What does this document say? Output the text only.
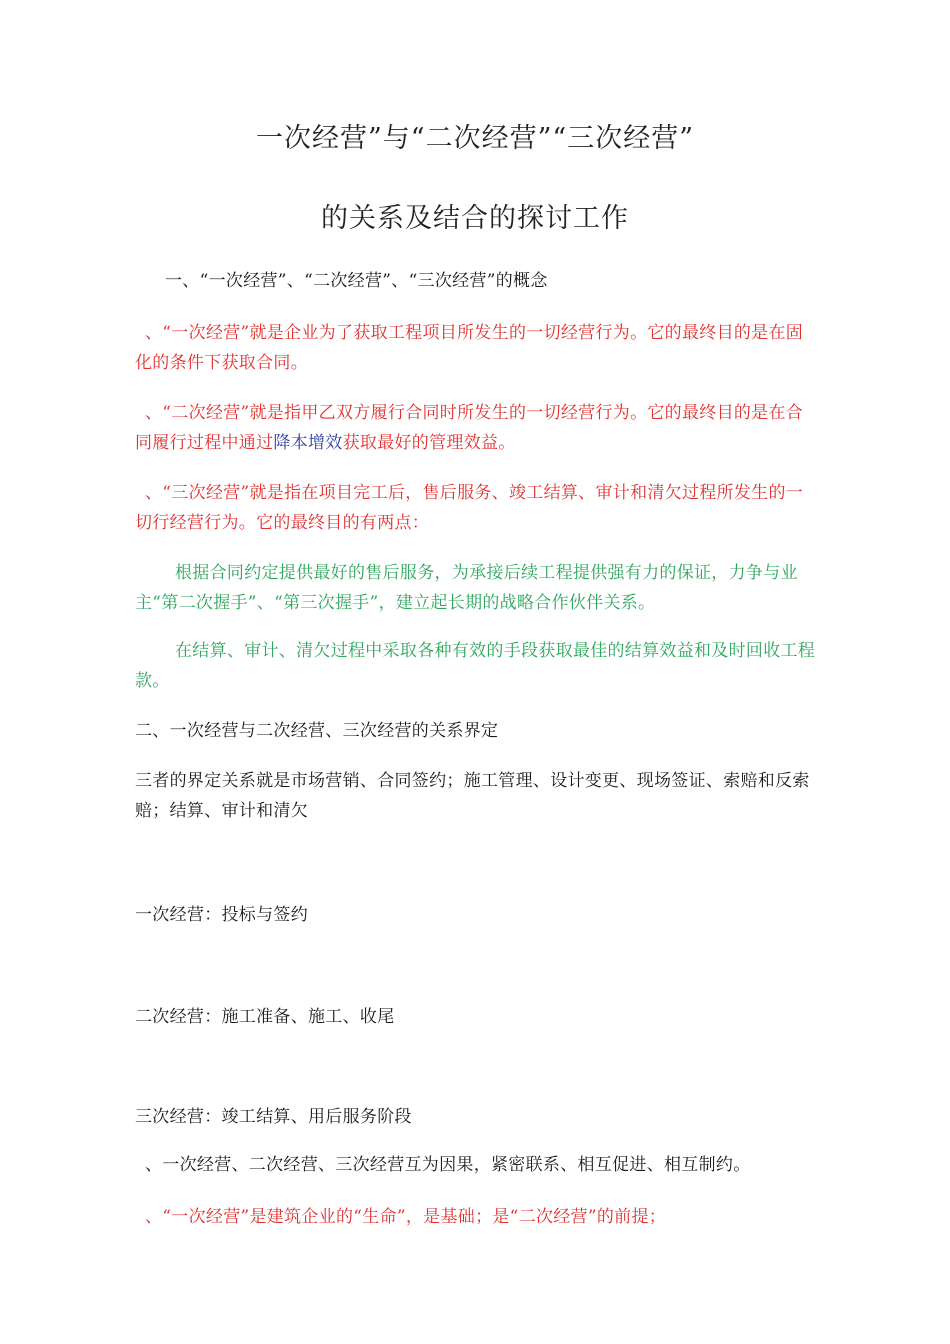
一次经营”与“二次经营”“三次经营”
的关系及结合的探讨工作

一、“一次经营”、“二次经营”、“三次经营”的概念

、“一次经营”就是企业为了获取工程项目所发生的一切经营行为。它的最终目的是在固化的条件下获取合同。

、“二次经营”就是指甲乙双方履行合同时所发生的一切经营行为。它的最终目的是在合同履行过程中通过降本增效获取最好的管理效益。

、“三次经营”就是指在项目完工后，售后服务、竣工结算、审计和清欠过程所发生的一切行经营行为。它的最终目的有两点：

根据合同约定提供最好的售后服务，为承接后续工程提供强有力的保证，力争与业主“第二次握手”、“第三次握手”，建立起长期的战略合作伙伴关系。

在结算、审计、清欠过程中采取各种有效的手段获取最佳的结算效益和及时回收工程款。

二、一次经营与二次经营、三次经营的关系界定

三者的界定关系就是市场营销、合同签约；施工管理、设计变更、现场签证、索赔和反索赔；结算、审计和清欠

一次经营：投标与签约

二次经营：施工准备、施工、收尾

三次经营：竣工结算、用后服务阶段

、一次经营、二次经营、三次经营互为因果，紧密联系、相互促进、相互制约。

、“一次经营”是建筑企业的“生命”，是基础；是“二次经营”的前提；
